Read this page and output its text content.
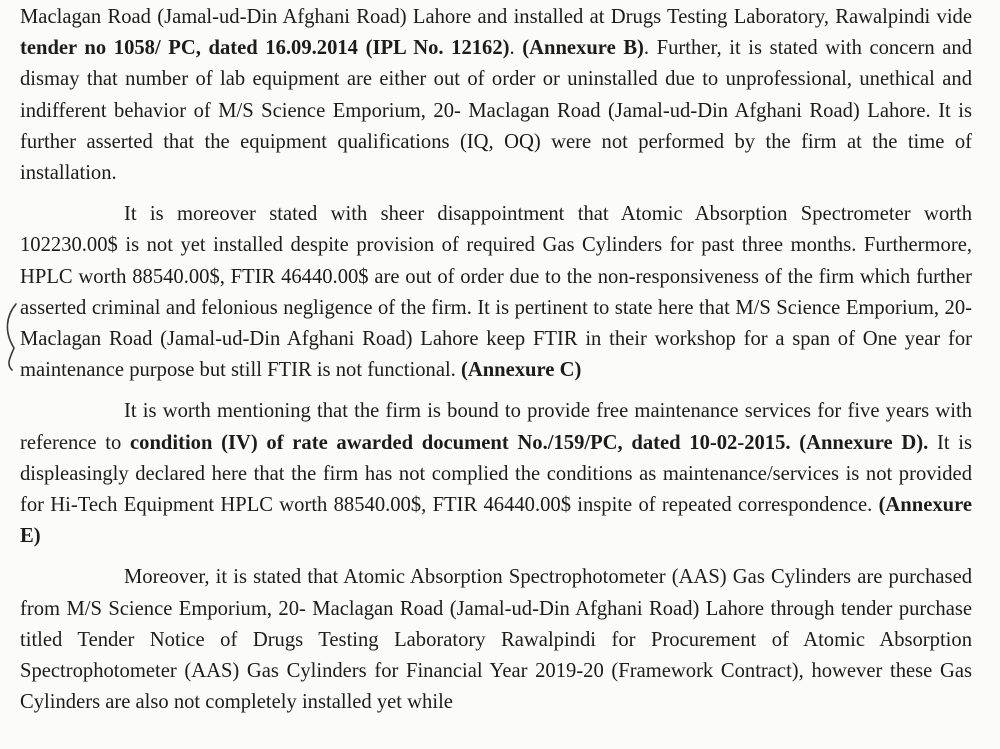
Maclagan Road (Jamal-ud-Din Afghani Road) Lahore and installed at Drugs Testing Laboratory, Rawalpindi vide tender no 1058/ PC, dated 16.09.2014 (IPL No. 12162). (Annexure B). Further, it is stated with concern and dismay that number of lab equipment are either out of order or uninstalled due to unprofessional, unethical and indifferent behavior of M/S Science Emporium, 20- Maclagan Road (Jamal-ud-Din Afghani Road) Lahore. It is further asserted that the equipment qualifications (IQ, OQ) were not performed by the firm at the time of installation.

It is moreover stated with sheer disappointment that Atomic Absorption Spectrometer worth 102230.00$ is not yet installed despite provision of required Gas Cylinders for past three months. Furthermore, HPLC worth 88540.00$, FTIR 46440.00$ are out of order due to the non-responsiveness of the firm which further asserted criminal and felonious negligence of the firm. It is pertinent to state here that M/S Science Emporium, 20- Maclagan Road (Jamal-ud-Din Afghani Road) Lahore keep FTIR in their workshop for a span of One year for maintenance purpose but still FTIR is not functional. (Annexure C)

It is worth mentioning that the firm is bound to provide free maintenance services for five years with reference to condition (IV) of rate awarded document No./159/PC, dated 10-02-2015. (Annexure D). It is displeasingly declared here that the firm has not complied the conditions as maintenance/services is not provided for Hi-Tech Equipment HPLC worth 88540.00$, FTIR 46440.00$ inspite of repeated correspondence. (Annexure E)

Moreover, it is stated that Atomic Absorption Spectrophotometer (AAS) Gas Cylinders are purchased from M/S Science Emporium, 20- Maclagan Road (Jamal-ud-Din Afghani Road) Lahore through tender purchase titled Tender Notice of Drugs Testing Laboratory Rawalpindi for Procurement of Atomic Absorption Spectrophotometer (AAS) Gas Cylinders for Financial Year 2019-20 (Framework Contract), however these Gas Cylinders are also not completely installed yet while
